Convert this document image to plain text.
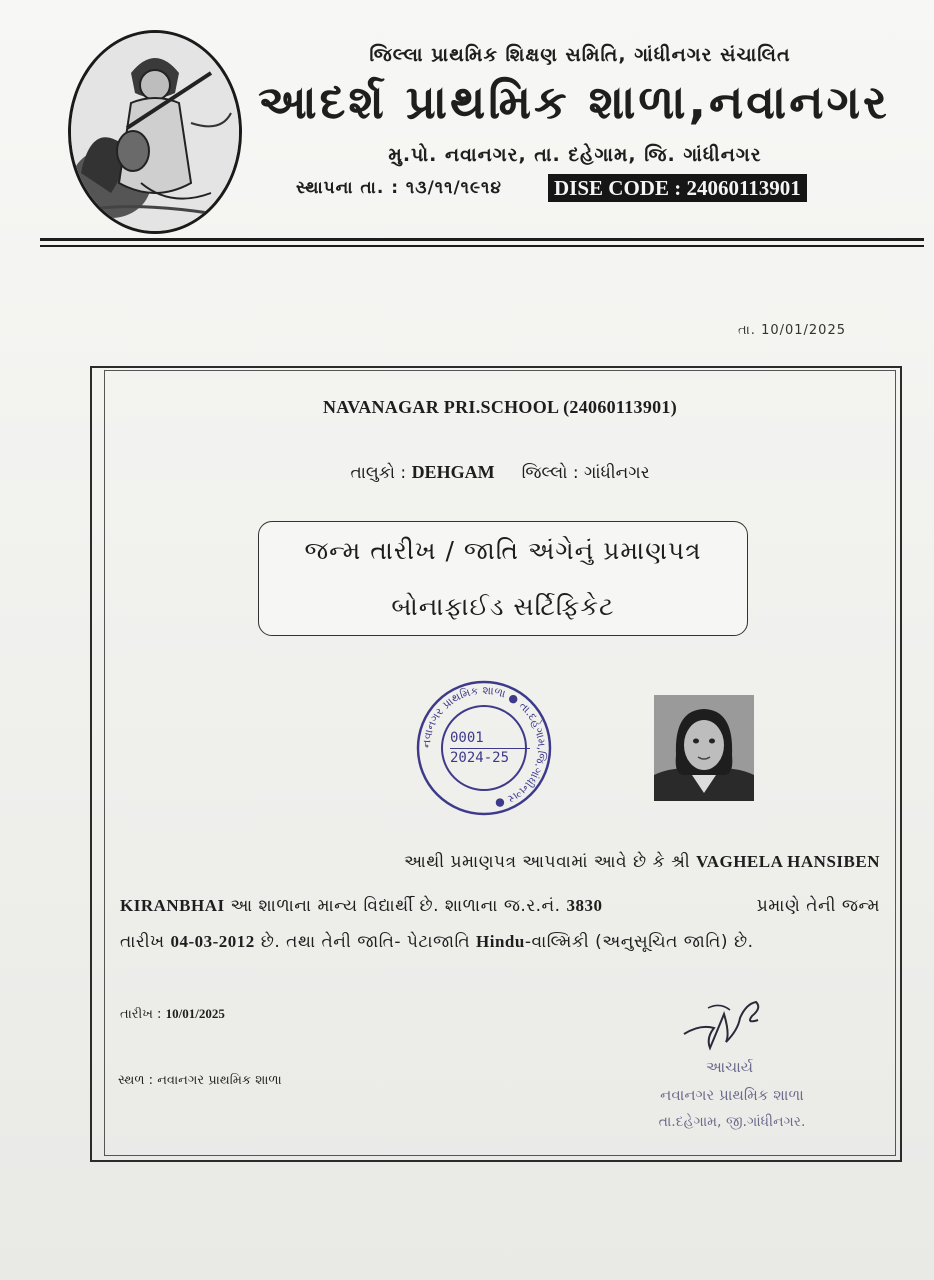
જિલ્લા પ્રાથમિક શિક્ષણ સમિતિ, ગાંધીનગર સંચાલિત
આદર્શ પ્રાથમિક શાળા,નવાનગર
મુ.પો. નવાનગર, તા. દહેગામ, જિ. ગાંધીનગર
સ્થાપના તા. : ૧૩/૧૧/૧૯૧૪ DISE CODE : 24060113901
તા. 10/01/2025
NAVANAGAR PRI.SCHOOL (24060113901)
તાલુકો : DEHGAM જિલ્લો : ગાંધીનગર
જન્મ તારીખ / જાતિ અંગેનું પ્રમાણપત્ર
બોનાફાઈડ સર્ટિફિકેટ
નવાનગર પ્રાથમિક શાળા ● તા.દહેગામ,જિ.ગાંધીનગર ●
0001
2024-25
આથી પ્રમાણપત્ર આપવામાં આવે છે કે શ્રી VAGHELA HANSIBEN
KIRANBHAI આ શાળાના માન્ય વિદ્યાર્થી છે. શાળાના જ.ર.નં. 3830	પ્રમાણે તેની જન્મ
તારીખ 04-03-2012 છે. તથા તેની જાતિ- પેટાજાતિ Hindu-વાલ્મિકી (અનુસૂચિત જાતિ) છે.
તારીખ : 10/01/2025
સ્થળ : નવાનગર પ્રાથમિક શાળા
આચાર્ય
નવાનગર પ્રાથમિક શાળા
તા.દહેગામ, જી.ગાંધીનગર.
